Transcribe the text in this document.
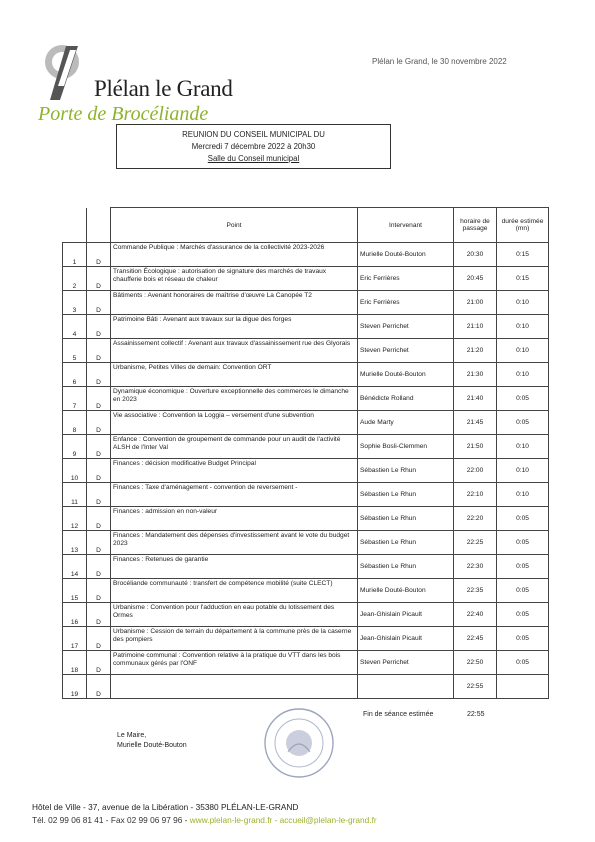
Plélan le Grand
Porte de Brocéliande
Plélan le Grand, le 30 novembre 2022
REUNION DU CONSEIL MUNICIPAL DU
Mercredi 7 décembre 2022 à 20h30
Salle du Conseil municipal
		Point	Intervenant	horaire de passage	durée estimée (mn)
1	D	Commande Publique : Marchés d'assurance de la collectivité 2023-2026	Murielle Douté-Bouton	20:30	0:15
2	D	Transition Écologique : autorisation de signature des marchés de travaux chaufferie bois et réseau de chaleur	Eric Ferrières	20:45	0:15
3	D	Bâtiments : Avenant honoraires de maîtrise d'œuvre La Canopée T2	Eric Ferrières	21:00	0:10
4	D	Patrimoine Bâti : Avenant aux travaux sur la digue des forges	Steven Perrichet	21:10	0:10
5	D	Assainissement collectif : Avenant aux travaux d'assainissement rue des Glyorais	Steven Perrichet	21:20	0:10
6	D	Urbanisme, Petites Villes de demain: Convention ORT	Murielle Douté-Bouton	21:30	0:10
7	D	Dynamique économique : Ouverture exceptionnelle des commerces le dimanche en 2023	Bénédicte Rolland	21:40	0:05
8	D	Vie associative : Convention la Loggia – versement d'une subvention	Aude Marty	21:45	0:05
9	D	Enfance : Convention de groupement de commande pour un audit de l'activité ALSH de l'Inter Val	Sophie Bosli-Clemmen	21:50	0:10
10	D	Finances : décision modificative Budget Principal	Sébastien Le Rhun	22:00	0:10
11	D	Finances : Taxe d'aménagement - convention de reversement -	Sébastien Le Rhun	22:10	0:10
12	D	Finances : admission en non-valeur	Sébastien Le Rhun	22:20	0:05
13	D	Finances : Mandatement des dépenses d'investissement avant le vote du budget 2023	Sébastien Le Rhun	22:25	0:05
14	D	Finances : Retenues de garantie	Sébastien Le Rhun	22:30	0:05
15	D	Brocéliande communauté : transfert de compétence mobilité (suite CLECT)	Murielle Douté-Bouton	22:35	0:05
16	D	Urbanisme : Convention pour l'adduction en eau potable du lotissement des Ormes	Jean-Ghislain Picault	22:40	0:05
17	D	Urbanisme : Cession de terrain du département à la commune près de la caserne des pompiers	Jean-Ghislain Picault	22:45	0:05
18	D	Patrimoine communal : Convention relative à la pratique du VTT dans les bois communaux gérés par l'ONF	Steven Perrichet	22:50	0:05
19	D			22:55	
Fin de séance estimée	22:55
Le Maire,
Murielle Douté-Bouton
Hôtel de Ville - 37, avenue de la Libération - 35380 PLÉLAN-LE-GRAND
Tél. 02 99 06 81 41 - Fax 02 99 06 97 96 - www.plelan-le-grand.fr - accueil@plelan-le-grand.fr
